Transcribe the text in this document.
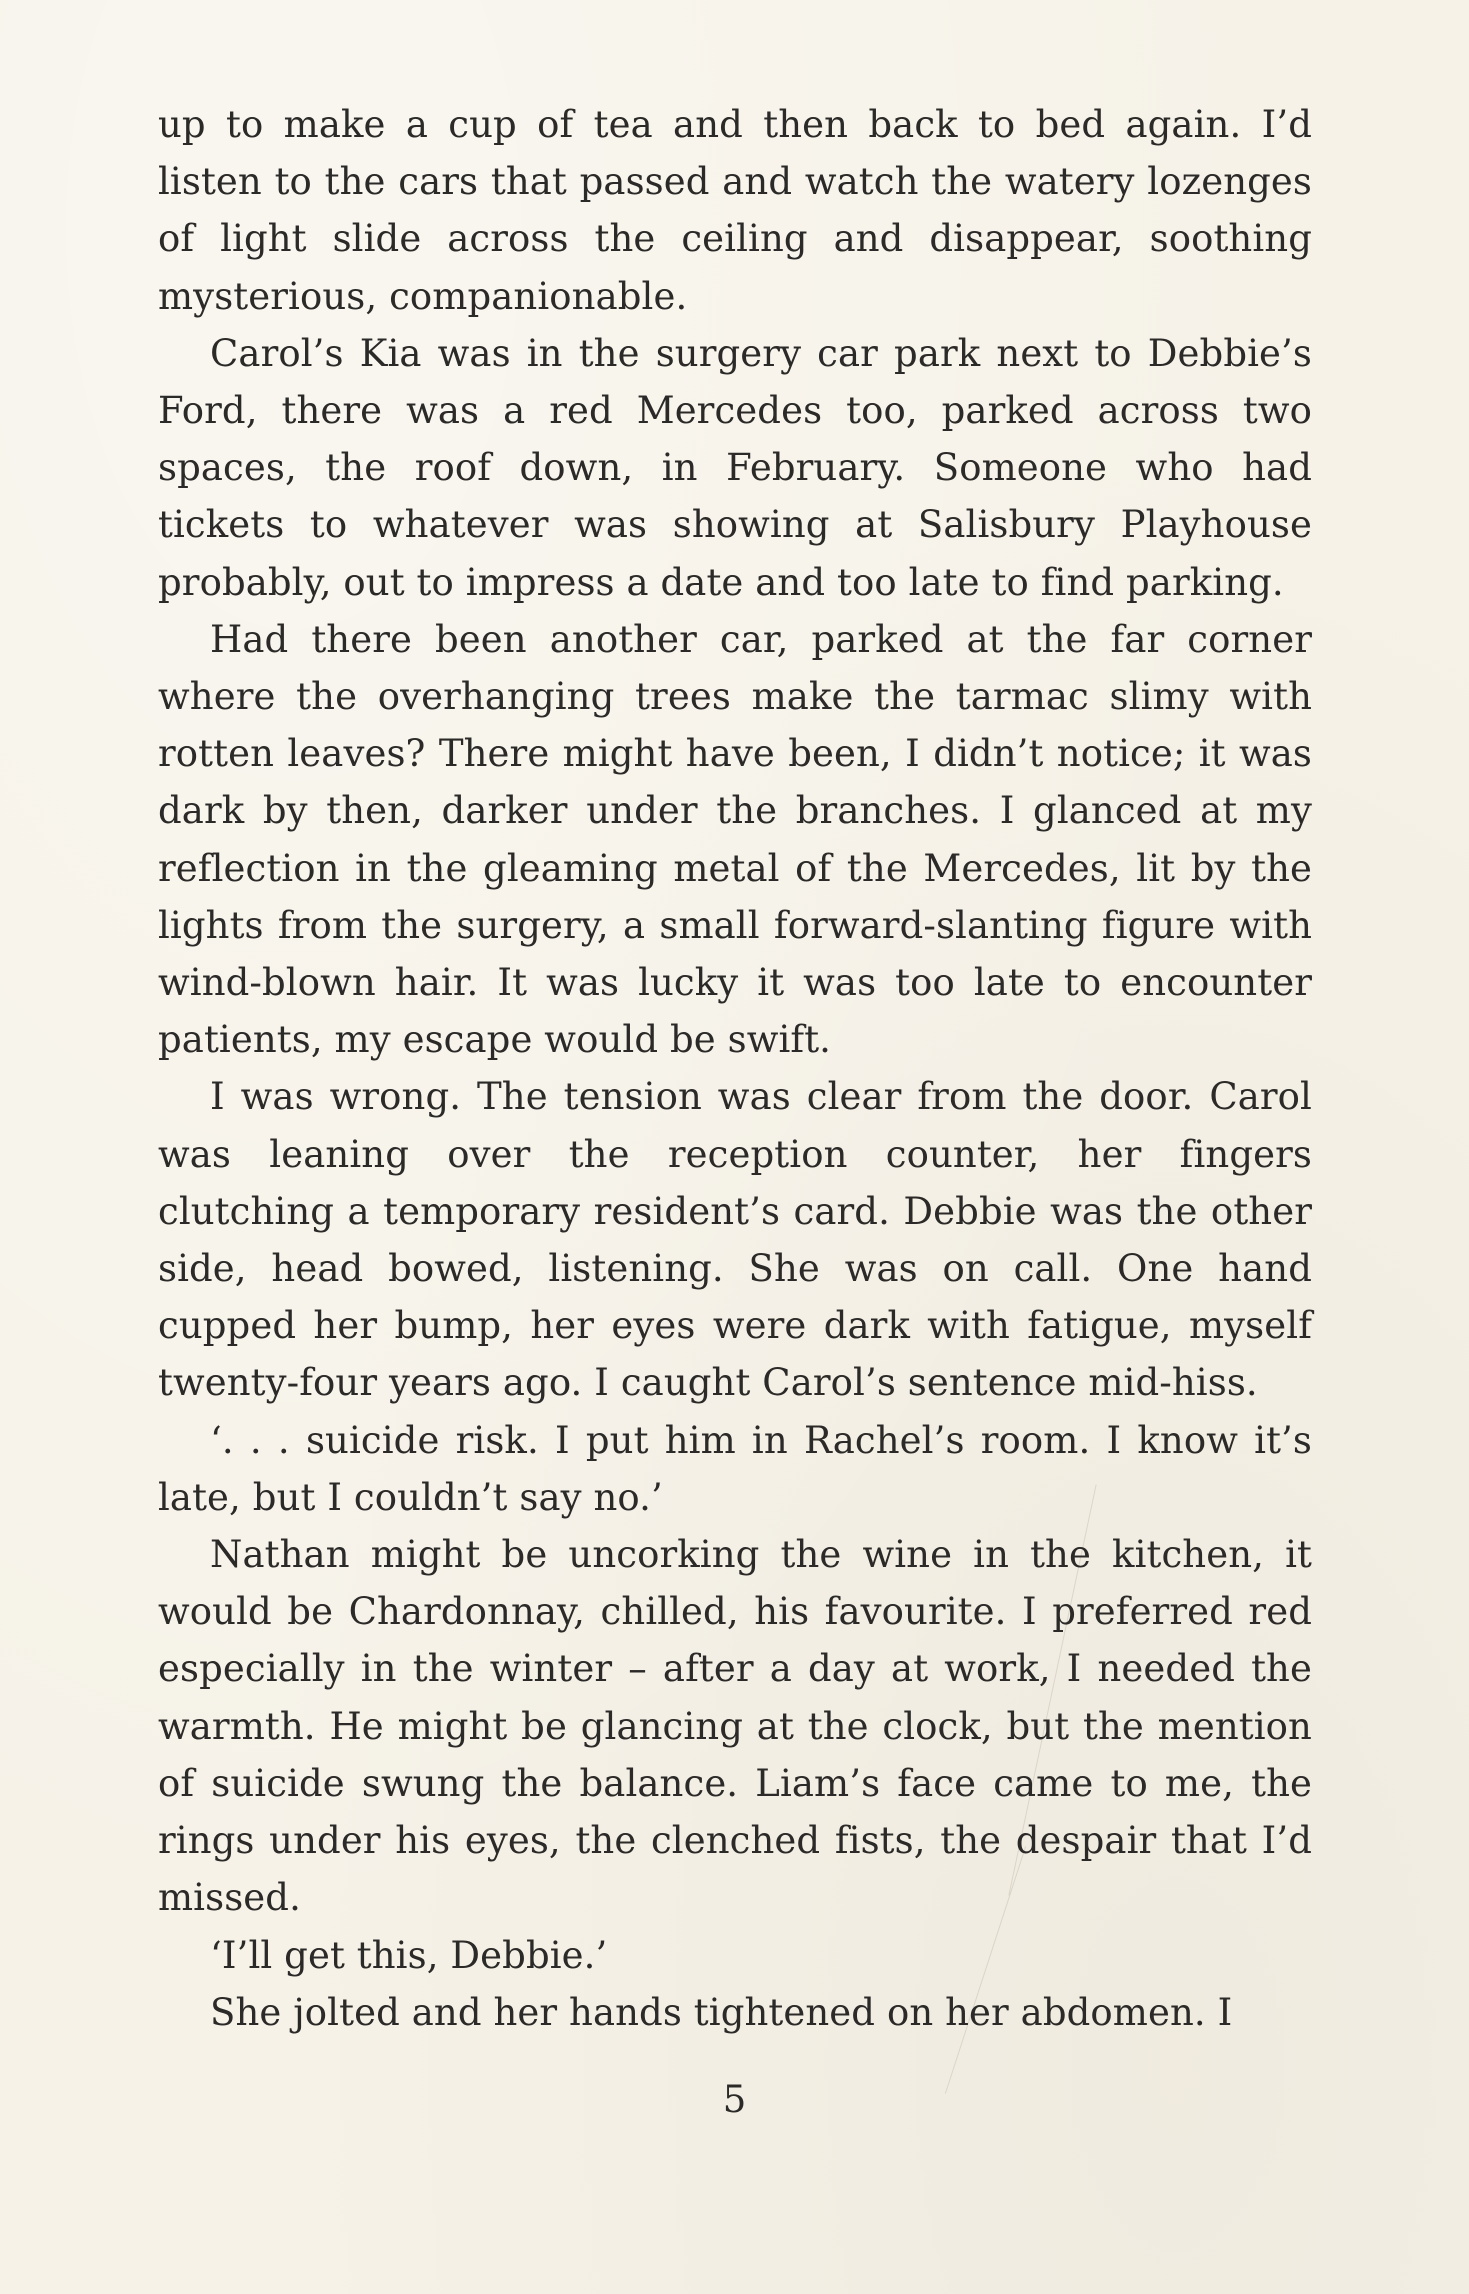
up to make a cup of tea and then back to bed again. I’d listen to the cars that passed and watch the watery lozenges of light slide across the ceiling and disappear, soothing mysterious, companionable.

Carol’s Kia was in the surgery car park next to Debbie’s Ford, there was a red Mercedes too, parked across two spaces, the roof down, in February. Someone who had tickets to whatever was showing at Salisbury Playhouse probably, out to impress a date and too late to find parking.

Had there been another car, parked at the far corner where the overhanging trees make the tarmac slimy with rotten leaves? There might have been, I didn’t notice; it was dark by then, darker under the branches. I glanced at my reflection in the gleaming metal of the Mercedes, lit by the lights from the surgery, a small forward-slanting figure with wind-blown hair. It was lucky it was too late to encounter patients, my escape would be swift.

I was wrong. The tension was clear from the door. Carol was leaning over the reception counter, her fingers clutching a temporary resident’s card. Debbie was the other side, head bowed, listening. She was on call. One hand cupped her bump, her eyes were dark with fatigue, myself twenty-four years ago. I caught Carol’s sentence mid-hiss.

‘. . . suicide risk. I put him in Rachel’s room. I know it’s late, but I couldn’t say no.’

Nathan might be uncorking the wine in the kitchen, it would be Chardonnay, chilled, his favourite. I preferred red especially in the winter – after a day at work, I needed the warmth. He might be glancing at the clock, but the mention of suicide swung the balance. Liam’s face came to me, the rings under his eyes, the clenched fists, the despair that I’d missed.

‘I’ll get this, Debbie.’

She jolted and her hands tightened on her abdomen. I

5
